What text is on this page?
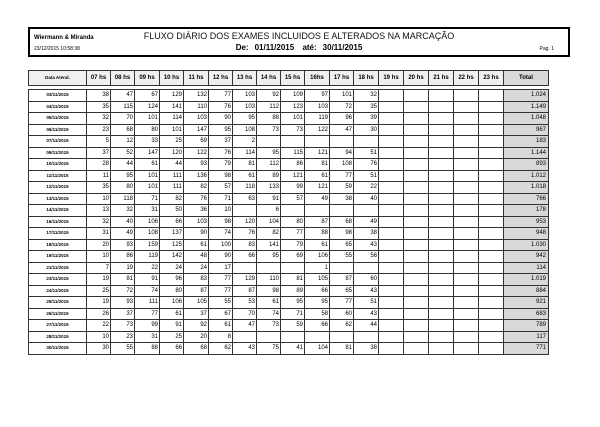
Wiermann & Miranda
23/12/2015 10:58:38
FLUXO DIÁRIO DOS EXAMES INCLUIDOS E ALTERADOS NA MARCAÇÃO
De: 01/11/2015 até: 30/11/2015	Pag. 1
Data Atend.	07 hs	08 hs	09 hs	10 hs	11 hs	12 hs	13 hs	14 hs	15 hs	16hs	17 hs	18 hs	19 hs	20 hs	21 hs	22 hs	23 hs	Total

03/11/2015	38	47	67	129	132	77	103	92	109	97	101	32						1.024
04/11/2015	35	115	124	141	110	76	103	112	123	103	72	35						1.149
05/11/2015	32	70	101	114	103	90	95	88	101	119	96	39						1.048
06/11/2015	23	68	80	101	147	95	108	73	73	122	47	30						967
07/11/2015	5	12	33	25	69	37	2											183
09/11/2015	37	52	147	120	122	76	114	95	115	121	94	51						1.144
10/11/2015	28	44	61	44	93	79	81	112	86	81	108	76						893
11/11/2015	11	95	101	111	136	98	61	89	121	61	77	51						1.012
12/11/2015	35	80	101	111	82	57	118	133	99	121	59	22						1.018
13/11/2015	10	118	71	82	76	71	63	91	57	49	38	40						766
14/11/2015	13	32	31	50	36	10		6										178
16/11/2015	32	40	106	66	103	98	120	104	80	87	68	49						953
17/11/2015	31	49	108	137	90	74	76	82	77	88	98	38						948
18/11/2015	20	93	159	125	61	100	83	141	79	61	65	43						1.030
19/11/2015	10	86	119	142	48	90	66	95	69	106	55	56						942
21/11/2015	7	19	22	24	24	17				1								114
23/11/2015	19	81	91	96	83	77	129	110	81	105	87	60						1.019
24/11/2015	25	72	74	80	87	77	87	98	89	66	65	43						884
25/11/2015	19	93	111	106	105	55	53	61	95	95	77	51						921
26/11/2015	26	37	77	61	37	67	70	74	71	58	60	43						683
27/11/2015	22	73	99	91	92	61	47	73	59	66	62	44						789
28/11/2015	10	23	31	25	20	8												117
30/11/2015	30	55	88	66	68	62	43	75	41	104	81	38						771
